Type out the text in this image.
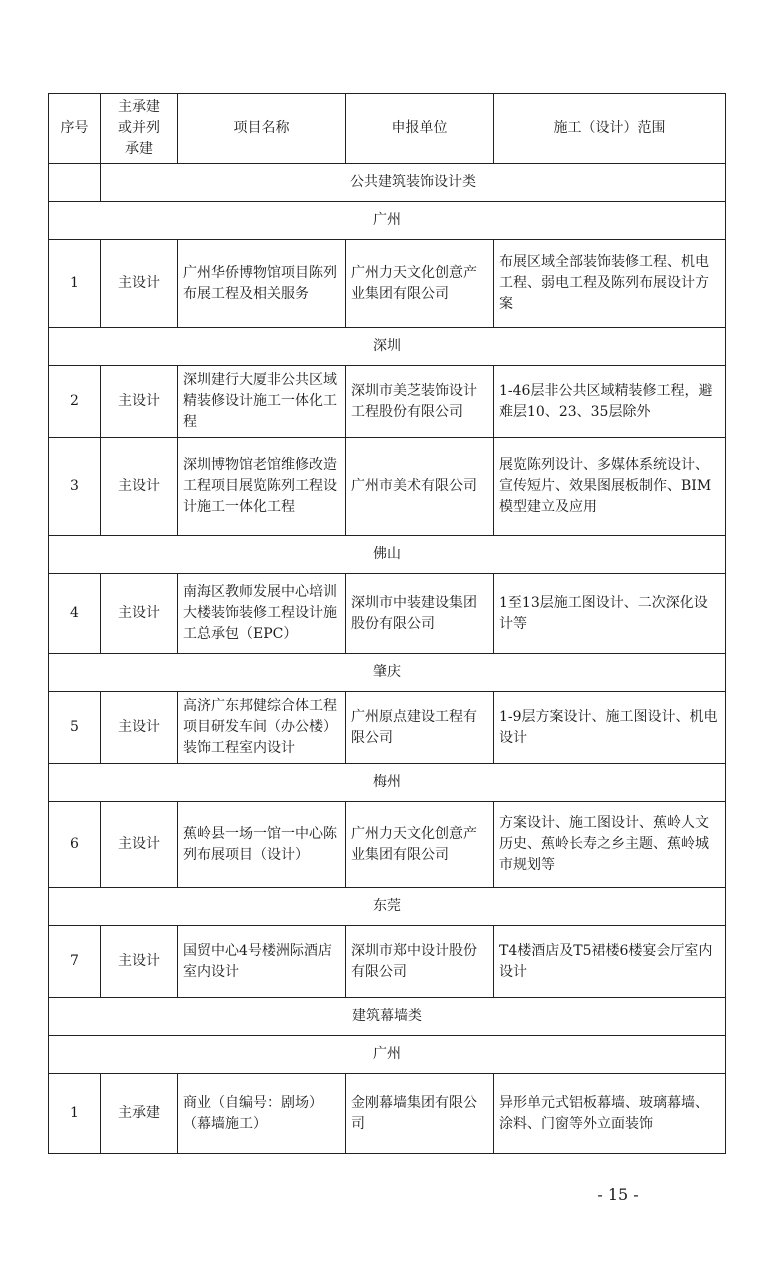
序号	主承建或并列承建	项目名称	申报单位	施工（设计）范围
	公共建筑装饰设计类			
广州				
1	主设计	广州华侨博物馆项目陈列布展工程及相关服务	广州力天文化创意产业集团有限公司	布展区域全部装饰装修工程、机电工程、弱电工程及陈列布展设计方案
深圳				
2	主设计	深圳建行大厦非公共区域精装修设计施工一体化工程	深圳市美芝装饰设计工程股份有限公司	1-46层非公共区域精装修工程，避难层10、23、35层除外
3	主设计	深圳博物馆老馆维修改造工程项目展览陈列工程设计施工一体化工程	广州市美术有限公司	展览陈列设计、多媒体系统设计、宣传短片、效果图展板制作、BIM模型建立及应用
佛山				
4	主设计	南海区教师发展中心培训大楼装饰装修工程设计施工总承包（EPC）	深圳市中装建设集团股份有限公司	1至13层施工图设计、二次深化设计等
肇庆				
5	主设计	高济广东邦健综合体工程项目研发车间（办公楼）装饰工程室内设计	广州原点建设工程有限公司	1-9层方案设计、施工图设计、机电设计
梅州				
6	主设计	蕉岭县一场一馆一中心陈列布展项目（设计）	广州力天文化创意产业集团有限公司	方案设计、施工图设计、蕉岭人文历史、蕉岭长寿之乡主题、蕉岭城市规划等
东莞				
7	主设计	国贸中心4号楼洲际酒店室内设计	深圳市郑中设计股份有限公司	T4楼酒店及T5裙楼6楼宴会厅室内设计
建筑幕墙类				
广州				
1	主承建	商业（自编号：剧场）（幕墙施工）	金刚幕墙集团有限公司	异形单元式铝板幕墙、玻璃幕墙、涂料、门窗等外立面装饰
- 15 -
